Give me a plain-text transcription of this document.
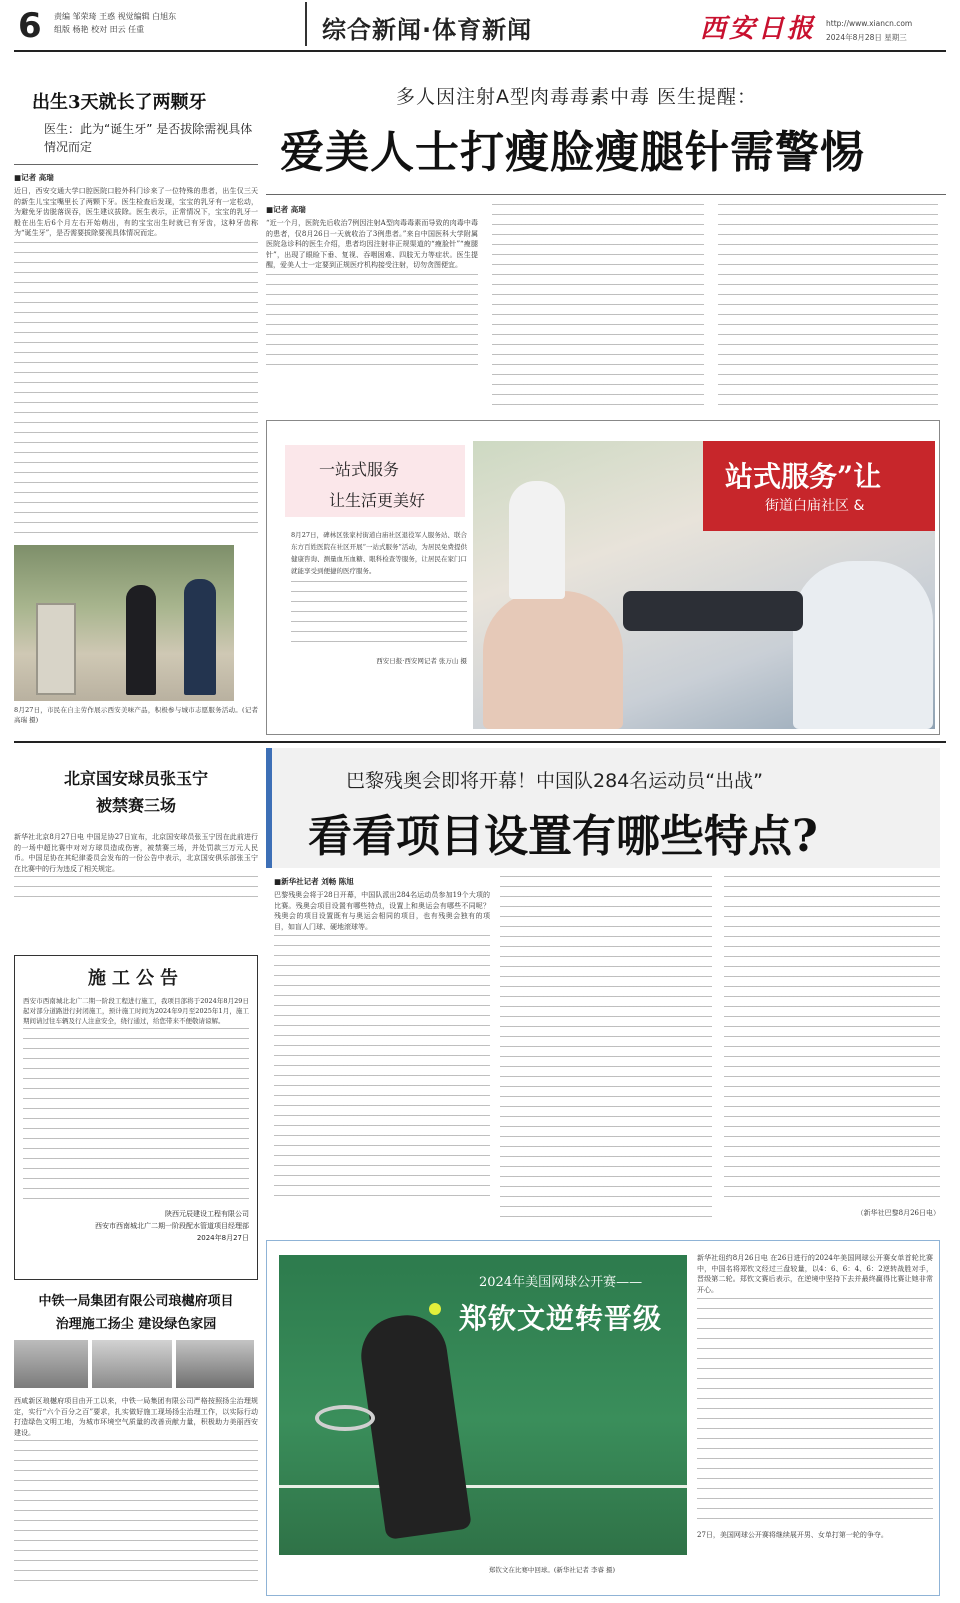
6 责编 邹荣琦 王惑 视觉编辑 白旭东
组版 杨艳 校对 田云 任重	综合新闻·体育新闻	西安日报 http://www.xiancn.com
2024年8月28日 星期三
出生3天就长了两颗牙
医生：此为“诞生牙” 是否拔除需视具体情况而定
■记者 高瑞
近日，西安交通大学口腔医院口腔外科门诊来了一位特殊的患者，出生仅三天的新生儿宝宝嘴里长了两颗下牙。医生检查后发现，宝宝的乳牙有一定松动，为避免牙齿脱落误吞，医生建议拔除。医生表示，正常情况下，宝宝的乳牙一般在出生后6个月左右开始萌出，有的宝宝出生时就已有牙齿，这种牙齿称为“诞生牙”，是否需要拔除要视具体情况而定。
8月27日，市民在自主劳作展示西安美味产品，积极参与城市志愿服务活动。(记者 高瑞 摄)
多人因注射A型肉毒毒素中毒 医生提醒：
爱美人士打瘦脸瘦腿针需警惕
■记者 高瑞
“近一个月，医院先后收治7例因注射A型肉毒毒素而导致的肉毒中毒的患者，仅8月26日一天就收治了3例患者。”来自中国医科大学附属医院急诊科的医生介绍，患者均因注射非正规渠道的“瘦脸针”“瘦腿针”，出现了眼睑下垂、复视、吞咽困难、四肢无力等症状。医生提醒，爱美人士一定要到正规医疗机构接受注射，切勿贪图便宜。
一站式服务
让生活更美好
8月27日，碑林区张家村街道白庙社区退役军人服务站、联合东方百姓医院在社区开展“一站式服务”活动，为居民免费提供健康咨询、测量血压血糖、眼科检查等服务，让居民在家门口就能享受到便捷的医疗服务。
西安日报·西安网记者 张万山 摄
站式服务”让
街道白庙社区 &
北京国安球员张玉宁
被禁赛三场
新华社北京8月27日电 中国足协27日宣布，北京国安球员张玉宁因在此前进行的一场中超比赛中对对方球员造成伤害，被禁赛三场，并处罚款三万元人民币。中国足协在其纪律委员会发布的一份公告中表示，北京国安俱乐部张玉宁在比赛中的行为违反了相关规定。
施工公告
西安市西南城北北广二期一阶段工程进行施工，我项目部将于2024年8月29日起对部分道路进行封闭施工，预计施工时间为2024年9月至2025年1月，施工期间请过往车辆及行人注意安全，绕行通过，给您带来不便敬请谅解。
陕西元辰建设工程有限公司
西安市西南城北广二期一阶段配水管道项目经理部
2024年8月27日
中铁一局集团有限公司琅樾府项目
治理施工扬尘 建设绿色家园
西咸新区琅樾府项目由开工以来，中铁一局集团有限公司严格按照扬尘治理规定，实行“六个百分之百”要求，扎实做好施工现场扬尘治理工作，以实际行动打造绿色文明工地，为城市环境空气质量的改善贡献力量，积极助力美丽西安建设。
巴黎残奥会即将开幕！中国队284名运动员“出战”
看看项目设置有哪些特点?
■新华社记者 刘畅 陈旭
巴黎残奥会将于28日开幕，中国队派出284名运动员参加19个大项的比赛。残奥会项目设置有哪些特点，设置上和奥运会有哪些不同呢？残奥会的项目设置既有与奥运会相同的项目，也有残奥会独有的项目，如盲人门球、硬地滚球等。
（新华社巴黎8月26日电）
2024年美国网球公开赛——
郑钦文逆转晋级
郑钦文在比赛中回球。(新华社记者 李睿 摄)
新华社纽约8月26日电 在26日进行的2024年美国网球公开赛女单首轮比赛中，中国名将郑钦文经过三盘较量，以4：6、6：4、6：2逆转战胜对手，晋级第二轮。郑钦文赛后表示，在逆境中坚持下去并最终赢得比赛让她非常开心。
27日，美国网球公开赛将继续展开男、女单打第一轮的争夺。
